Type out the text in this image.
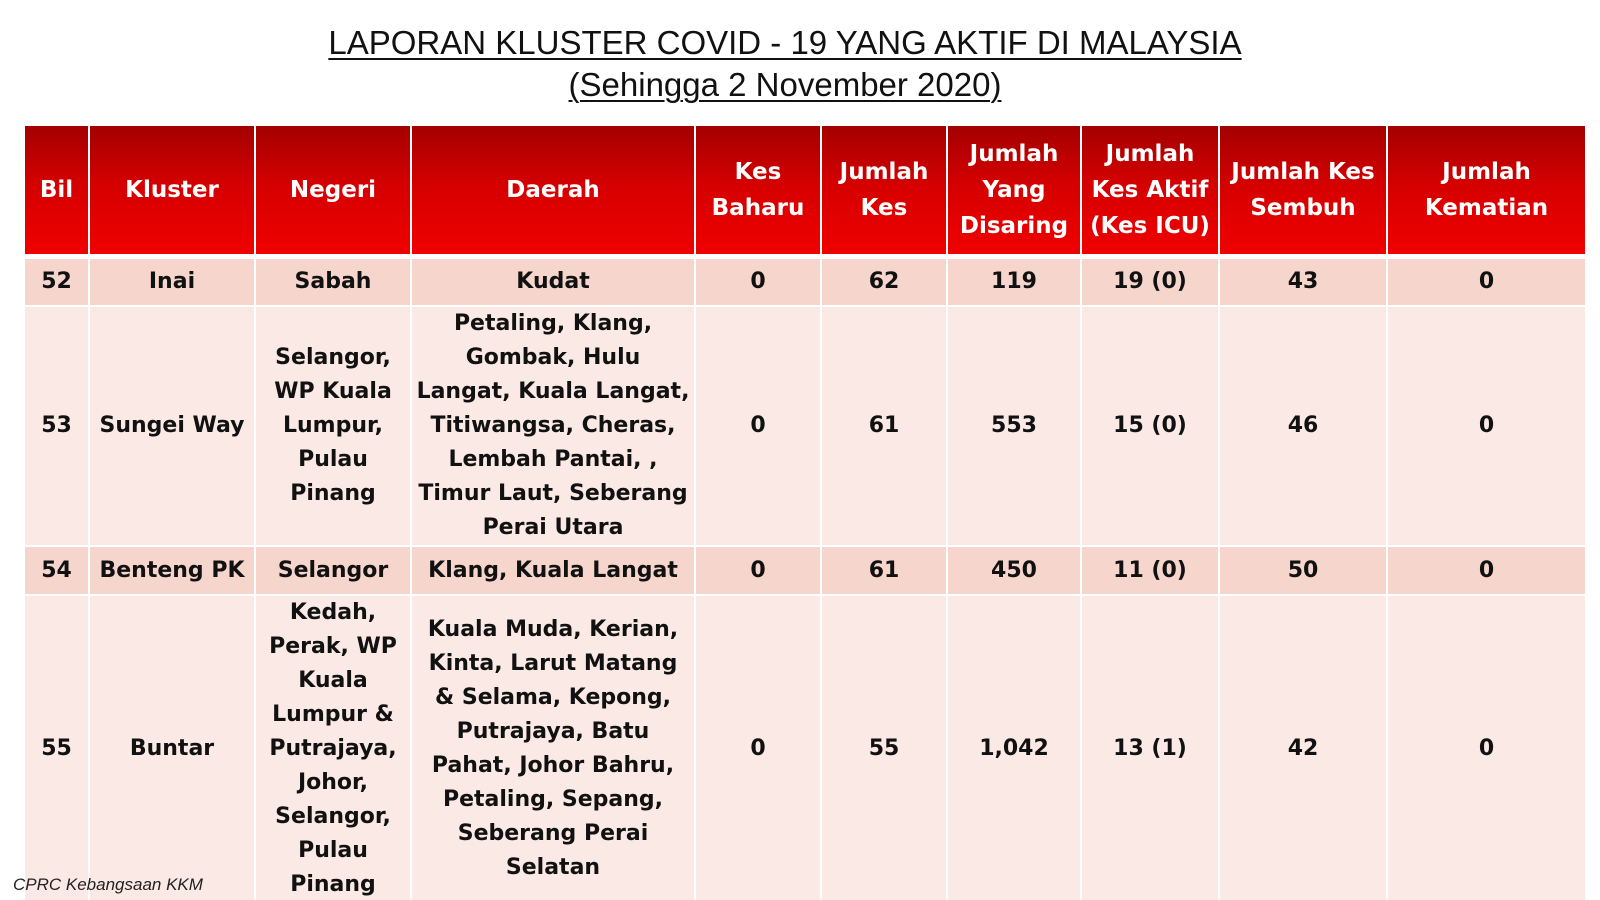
LAPORAN KLUSTER COVID - 19 YANG AKTIF DI MALAYSIA
(Sehingga 2 November 2020)
Bil	Kluster	Negeri	Daerah	Kes Baharu	Jumlah Kes	Jumlah Yang Disaring	Jumlah Kes Aktif (Kes ICU)	Jumlah Kes Sembuh	Jumlah Kematian

52	Inai	Sabah	Kudat	0	62	119	19 (0)	43	0
53	Sungei Way	Selangor, WP Kuala Lumpur, Pulau Pinang	Petaling, Klang, Gombak, Hulu Langat, Kuala Langat, Titiwangsa, Cheras, Lembah Pantai, , Timur Laut, Seberang Perai Utara	0	61	553	15 (0)	46	0
54	Benteng PK	Selangor	Klang, Kuala Langat	0	61	450	11 (0)	50	0
55	Buntar	Kedah, Perak, WP Kuala Lumpur & Putrajaya, Johor, Selangor, Pulau Pinang	Kuala Muda, Kerian, Kinta, Larut Matang & Selama, Kepong, Putrajaya, Batu Pahat, Johor Bahru, Petaling, Sepang, Seberang Perai Selatan	0	55	1,042	13 (1)	42	0
CPRC Kebangsaan KKM
